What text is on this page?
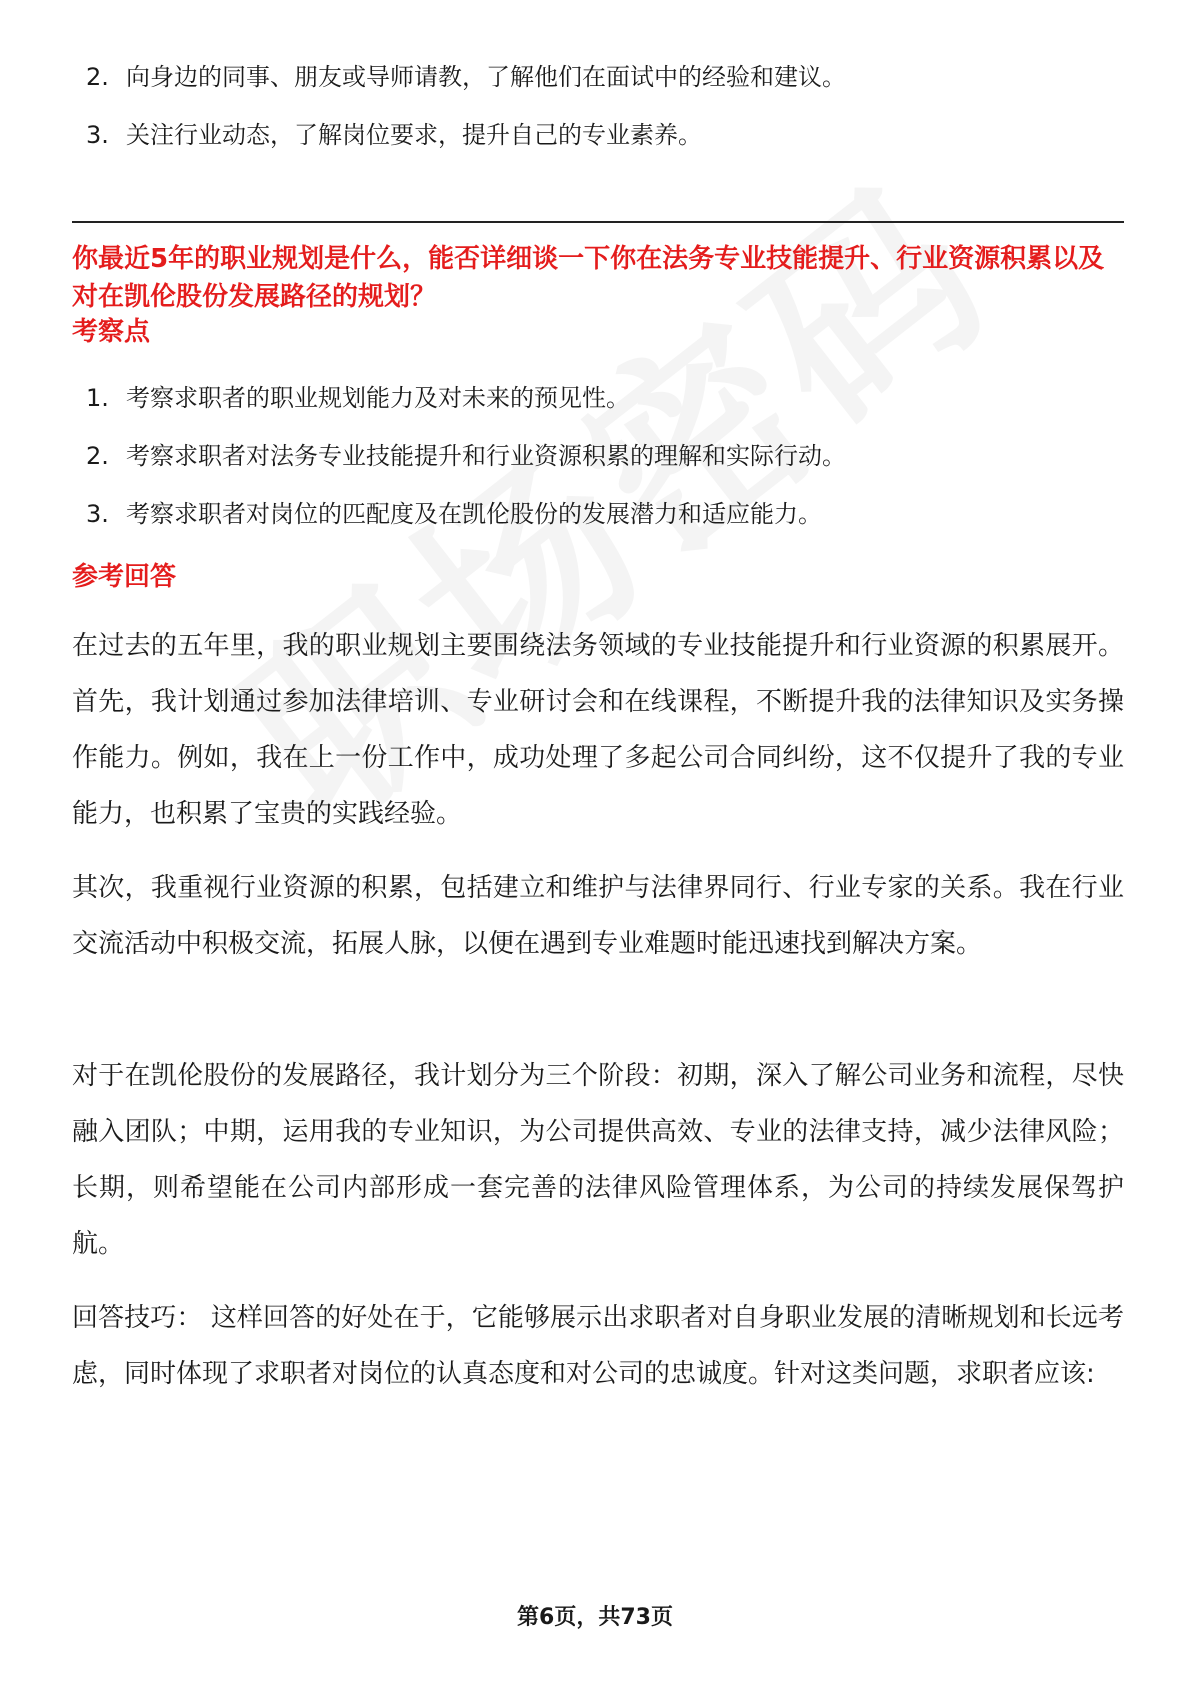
2. 向身边的同事、朋友或导师请教，了解他们在面试中的经验和建议。
3. 关注行业动态，了解岗位要求，提升自己的专业素养。
你最近5年的职业规划是什么，能否详细谈一下你在法务专业技能提升、行业资源积累以及对在凯伦股份发展路径的规划？
考察点
1. 考察求职者的职业规划能力及对未来的预见性。
2. 考察求职者对法务专业技能提升和行业资源积累的理解和实际行动。
3. 考察求职者对岗位的匹配度及在凯伦股份的发展潜力和适应能力。
参考回答

在过去的五年里，我的职业规划主要围绕法务领域的专业技能提升和行业资源的积累展开。首先，我计划通过参加法律培训、专业研讨会和在线课程，不断提升我的法律知识及实务操作能力。例如，我在上一份工作中，成功处理了多起公司合同纠纷，这不仅提升了我的专业能力，也积累了宝贵的实践经验。

其次，我重视行业资源的积累，包括建立和维护与法律界同行、行业专家的关系。我在行业交流活动中积极交流，拓展人脉，以便在遇到专业难题时能迅速找到解决方案。

对于在凯伦股份的发展路径，我计划分为三个阶段：初期，深入了解公司业务和流程，尽快融入团队；中期，运用我的专业知识，为公司提供高效、专业的法律支持，减少法律风险；长期，则希望能在公司内部形成一套完善的法律风险管理体系，为公司的持续发展保驾护航。

回答技巧： 这样回答的好处在于，它能够展示出求职者对自身职业发展的清晰规划和长远考虑，同时体现了求职者对岗位的认真态度和对公司的忠诚度。针对这类问题，求职者应该:

第6页，共73页
